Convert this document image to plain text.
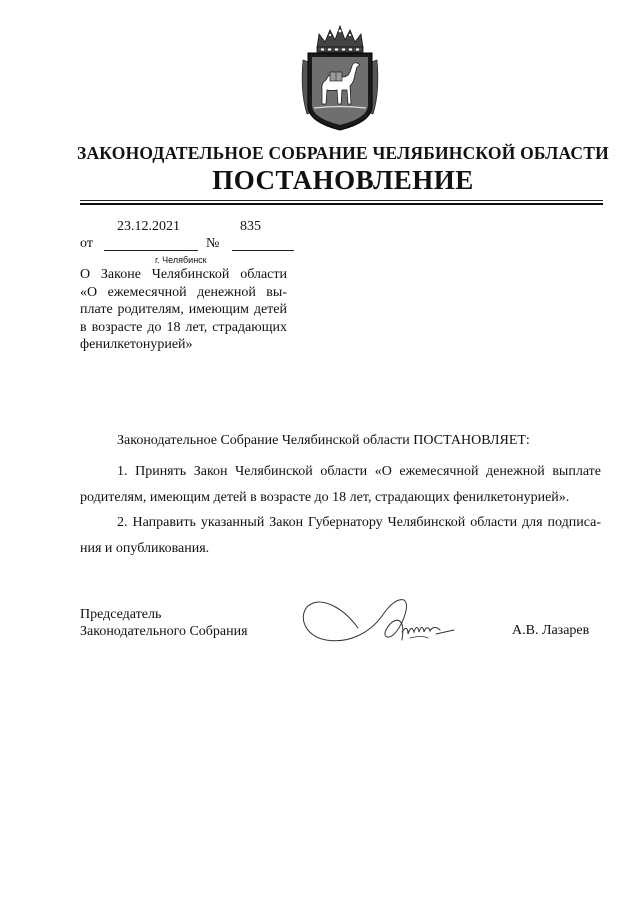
ЗАКОНОДАТЕЛЬНОЕ СОБРАНИЕ ЧЕЛЯБИНСКОЙ ОБЛАСТИ
ПОСТАНОВЛЕНИЕ
23.12.2021	835
от	№
г. Челябинск
О Законе Челябинской области
«О ежемесячной денежной вы-
плате родителям, имеющим детей
в возрасте до 18 лет, страдающих
фенилкетонурией»

Законодательное Собрание Челябинской области ПОСТАНОВЛЯЕТ:

1. Принять Закон Челябинской области «О ежемесячной денежной выплате
родителям, имеющим детей в возрасте до 18 лет, страдающих фенилкетонурией».

2. Направить указанный Закон Губернатору Челябинской области для подписа-
ния и опубликования.

Председатель
Законодательного Собрания	А.В. Лазарев
